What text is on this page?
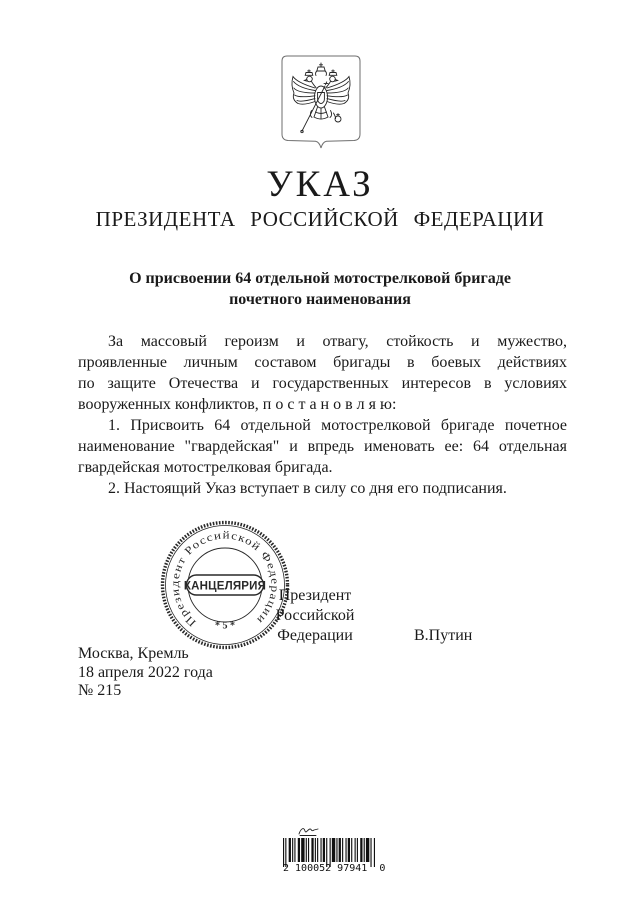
УКАЗ
ПРЕЗИДЕНТА РОССИЙСКОЙ ФЕДЕРАЦИИ
О присвоении 64 отдельной мотострелковой бригаде
почетного наименования
За массовый героизм и отвагу, стойкость и мужество,
проявленные личным составом бригады в боевых действиях
по защите Отечества и государственных интересов в условиях
вооруженных конфликтов, п о с т а н о в л я ю:
1. Присвоить 64 отдельной мотострелковой бригаде почетное
наименование "гвардейская" и впредь именовать ее: 64 отдельная
гвардейская мотострелковая бригада.
2. Настоящий Указ вступает в силу со дня его подписания.
Президент Российской Федерации
* 5 *
КАНЦЕЛЯРИЯ
Президент
Российской Федерации	В.Путин
Москва, Кремль
18 апреля 2022 года
№ 215
2 100052 97941  0
